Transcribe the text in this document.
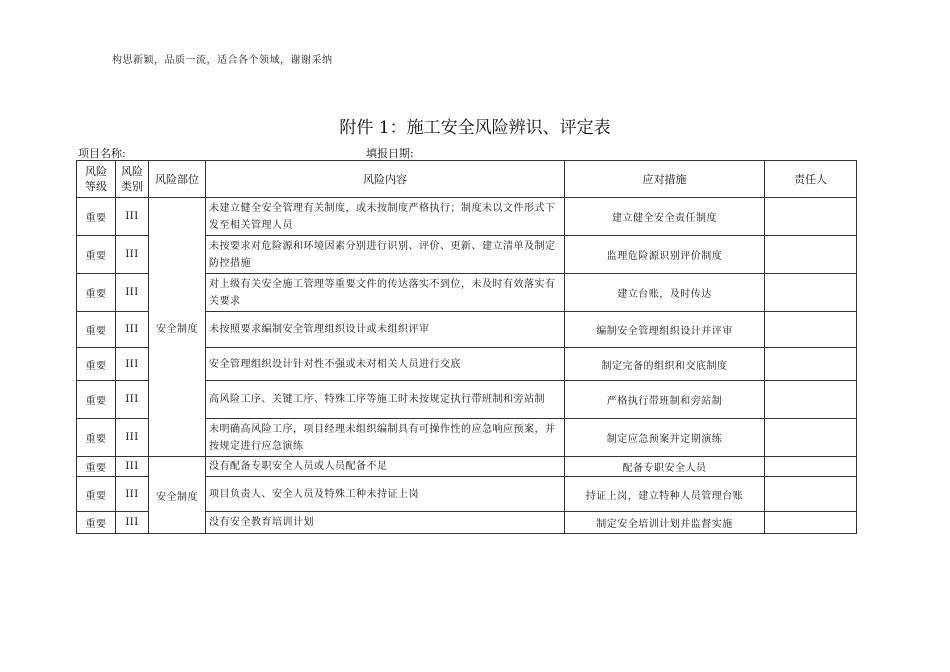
构思新颖，品质一流，适合各个领域，谢谢采纳
附件 1：施工安全风险辨识、评定表
项目名称:	填报日期:
风险等级	风险类别	风险部位	风险内容	应对措施	责任人
重要	III	安全制度	未建立健全安全管理有关制度，或未按制度严格执行；制度未以文件形式下发至相关管理人员	建立健全安全责任制度	
重要	III		未按要求对危险源和环境因素分别进行识别、评价、更新、建立清单及制定防控措施	监理危险源识别评价制度	
重要	III		对上级有关安全施工管理等重要文件的传达落实不到位，未及时有效落实有关要求	建立台账，及时传达	
重要	III		未按照要求编制安全管理组织设计或未组织评审	编制安全管理组织设计并评审	
重要	III		安全管理组织设计针对性不强或未对相关人员进行交底	制定完备的组织和交底制度	
重要	III		高风险工序、关键工序、特殊工序等施工时未按规定执行带班制和旁站制	严格执行带班制和旁站制	
重要	III		未明确高风险工序，项目经理未组织编制具有可操作性的应急响应预案，并按规定进行应急演练	制定应急预案并定期演练	
重要	III	安全制度	没有配备专职安全人员或人员配备不足	配备专职安全人员	
重要	III		项目负责人、安全人员及特殊工种未持证上岗	持证上岗，建立特种人员管理台账	
重要	III		没有安全教育培训计划	制定安全培训计划并监督实施	
